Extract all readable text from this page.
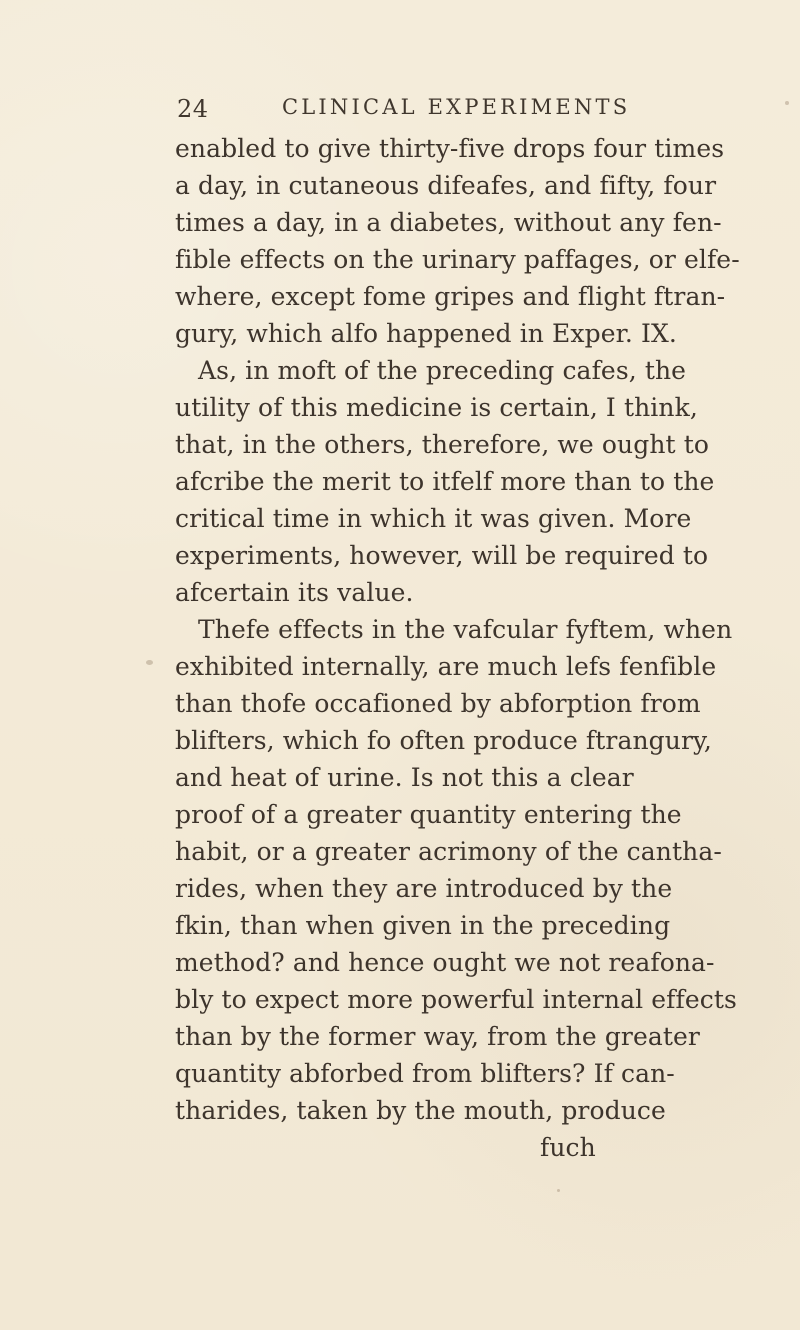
24	CLINICAL EXPERIMENTS
enabled to give thirty-five drops four times
a day, in cutaneous difeafes, and fifty, four
times a day, in a diabetes, without any fen-
fible effects on the urinary paffages, or elfe-
where, except fome gripes and flight ftran-
gury, which alfo happened in Exper. IX.
As, in moft of the preceding cafes, the
utility of this medicine is certain, I think,
that, in the others, therefore, we ought to
afcribe the merit to itfelf more than to the
critical time in which it was given. More
experiments, however, will be required to
afcertain its value.
Thefe effects in the vafcular fyftem, when
exhibited internally, are much lefs fenfible
than thofe occafioned by abforption from
blifters, which fo often produce ftrangury,
and heat of urine. Is not this a clear
proof of a greater quantity entering the
habit, or a greater acrimony of the cantha-
rides, when they are introduced by the
fkin, than when given in the preceding
method? and hence ought we not reafona-
bly to expect more powerful internal effects
than by the former way, from the greater
quantity abforbed from blifters? If can-
tharides, taken by the mouth, produce
fuch
